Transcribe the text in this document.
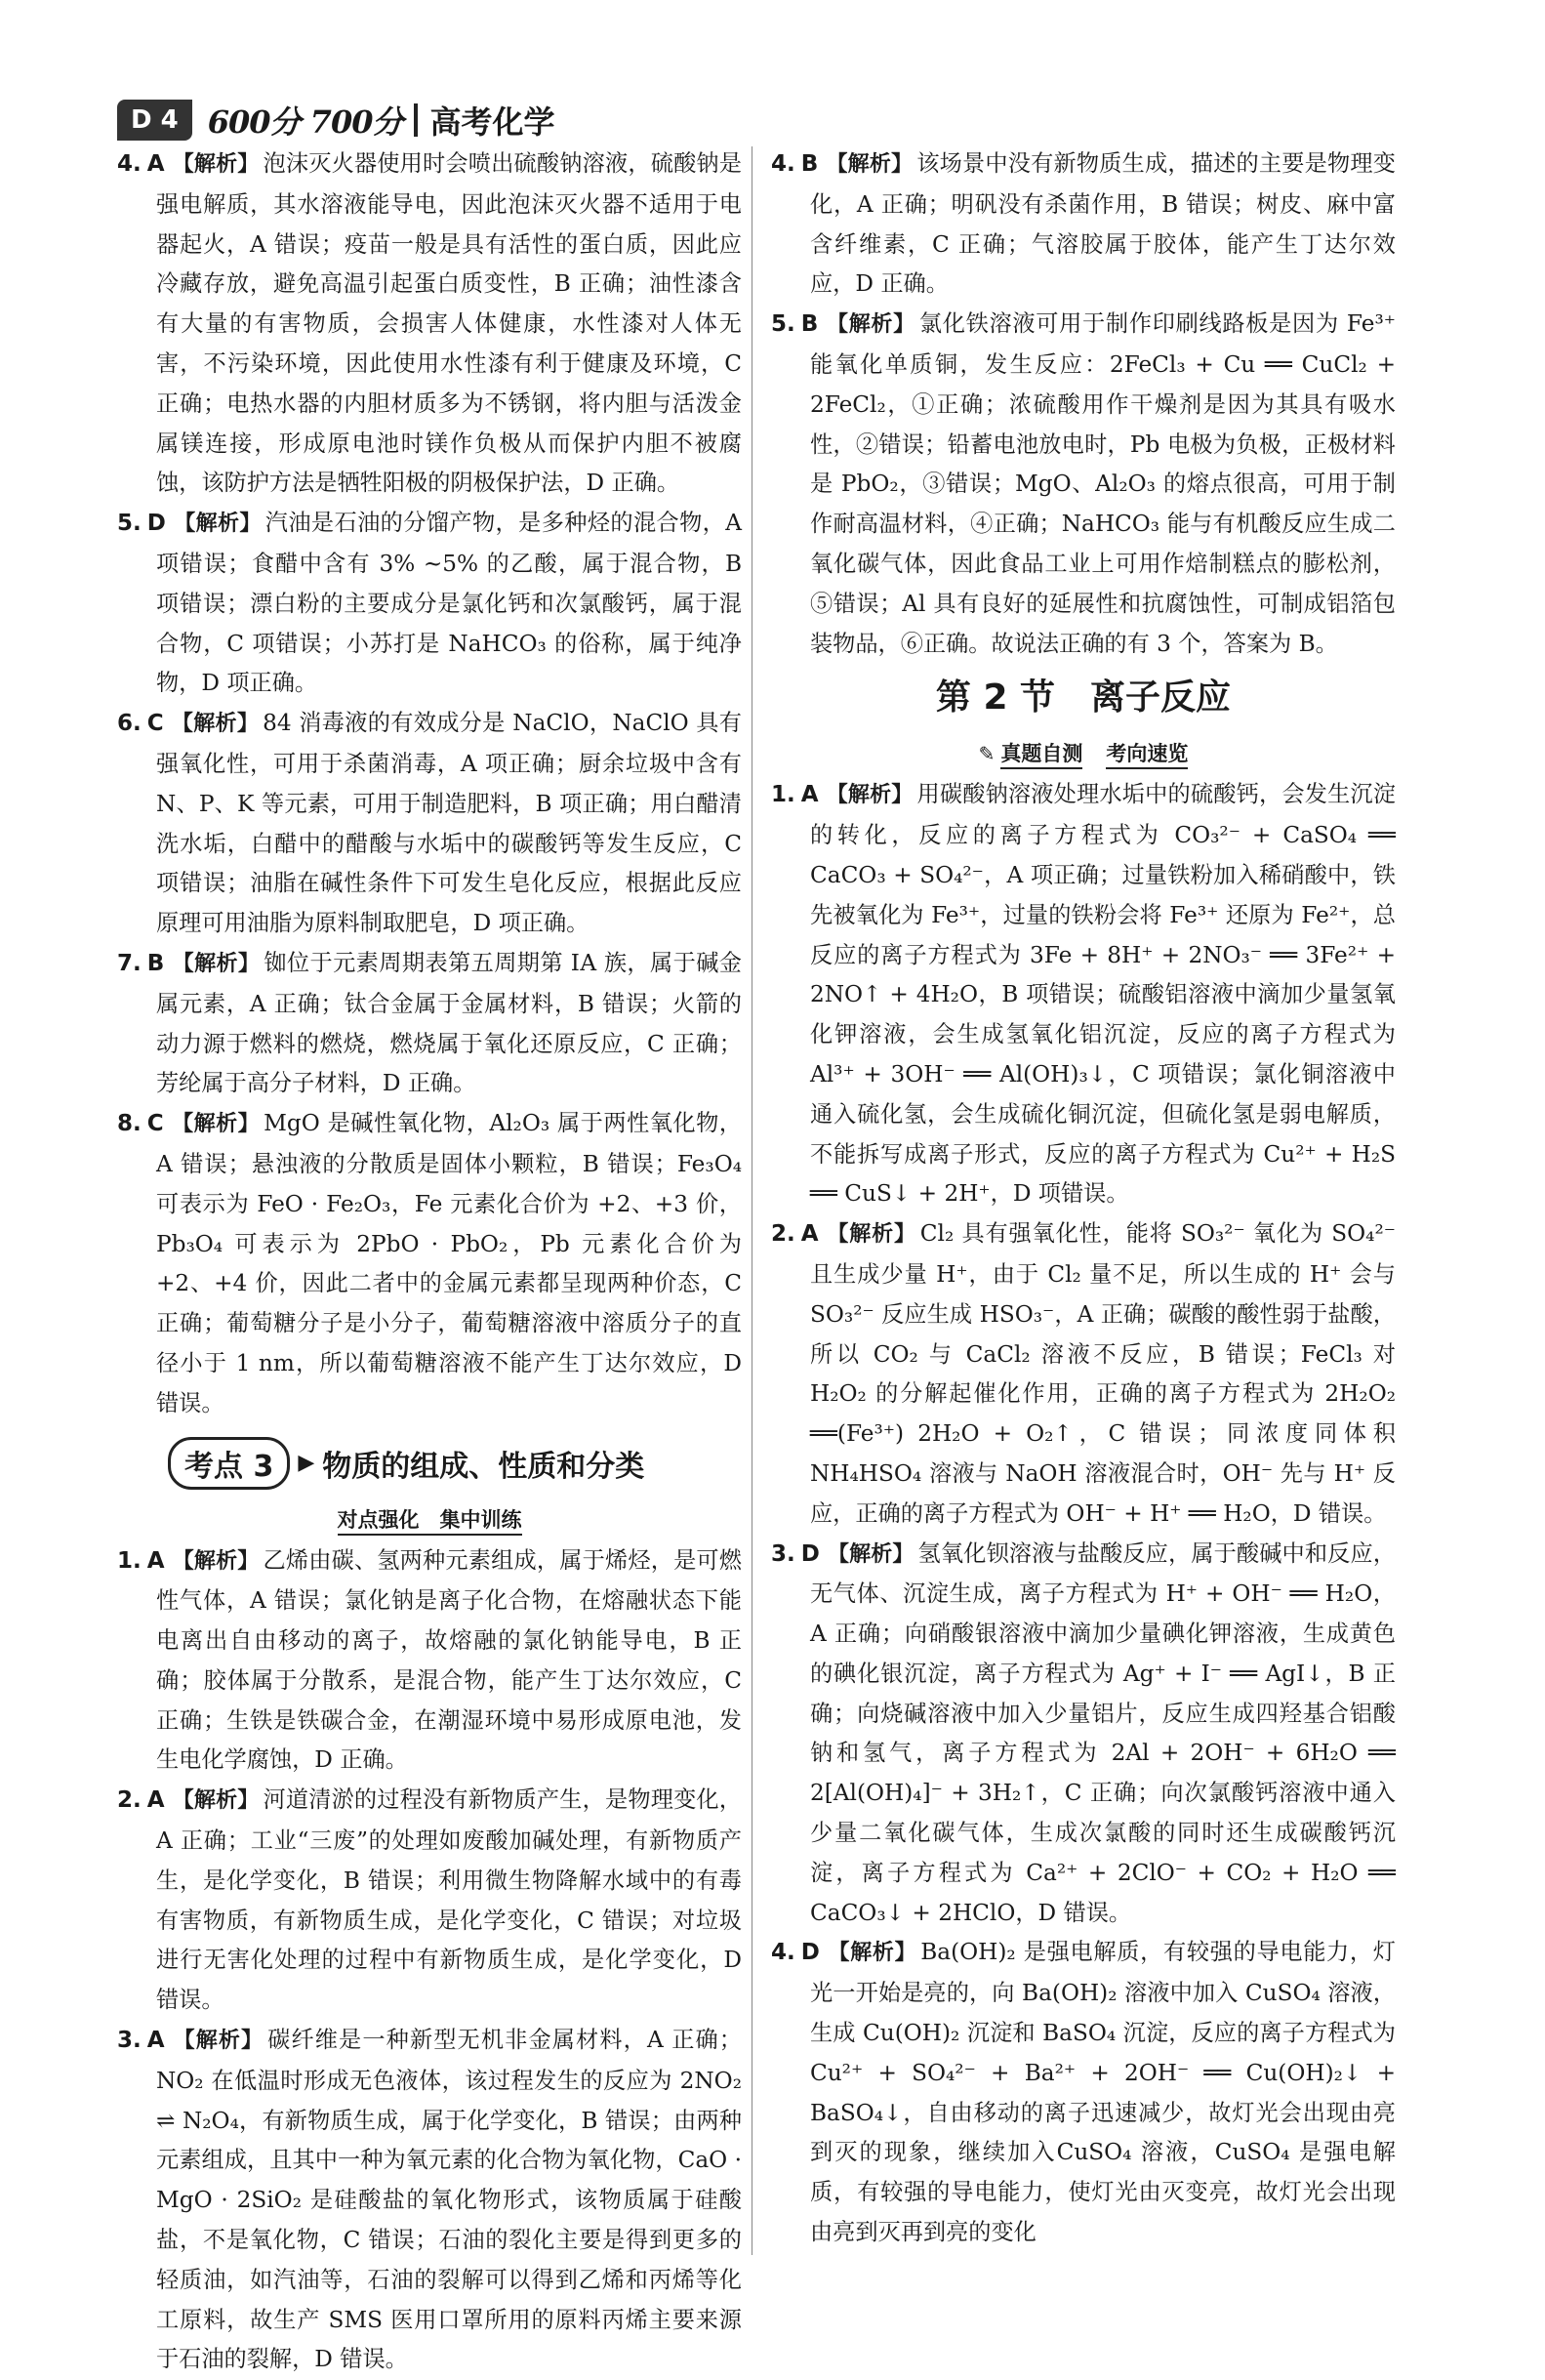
D 4 600分 700分 高考化学

4. A 【解析】 泡沫灭火器使用时会喷出硫酸钠溶液，硫酸钠是强电解质，其水溶液能导电，因此泡沫灭火器不适用于电器起火，A 错误；疫苗一般是具有活性的蛋白质，因此应冷藏存放，避免高温引起蛋白质变性，B 正确；油性漆含有大量的有害物质，会损害人体健康，水性漆对人体无害，不污染环境，因此使用水性漆有利于健康及环境，C 正确；电热水器的内胆材质多为不锈钢，将内胆与活泼金属镁连接，形成原电池时镁作负极从而保护内胆不被腐蚀，该防护方法是牺牲阳极的阴极保护法，D 正确。

5. D 【解析】 汽油是石油的分馏产物，是多种烃的混合物，A 项错误；食醋中含有 3% ~5% 的乙酸，属于混合物，B 项错误；漂白粉的主要成分是氯化钙和次氯酸钙，属于混合物，C 项错误；小苏打是 NaHCO₃ 的俗称，属于纯净物，D 项正确。

6. C 【解析】 84 消毒液的有效成分是 NaClO，NaClO 具有强氧化性，可用于杀菌消毒，A 项正确；厨余垃圾中含有 N、P、K 等元素，可用于制造肥料，B 项正确；用白醋清洗水垢，白醋中的醋酸与水垢中的碳酸钙等发生反应，C 项错误；油脂在碱性条件下可发生皂化反应，根据此反应原理可用油脂为原料制取肥皂，D 项正确。

7. B 【解析】 铷位于元素周期表第五周期第 ⅠA 族，属于碱金属元素，A 正确；钛合金属于金属材料，B 错误；火箭的动力源于燃料的燃烧，燃烧属于氧化还原反应，C 正确；芳纶属于高分子材料，D 正确。

8. C 【解析】 MgO 是碱性氧化物，Al₂O₃ 属于两性氧化物，A 错误；悬浊液的分散质是固体小颗粒，B 错误；Fe₃O₄ 可表示为 FeO · Fe₂O₃，Fe 元素化合价为 +2、+3 价，Pb₃O₄ 可表示为 2PbO · PbO₂，Pb 元素化合价为 +2、+4 价，因此二者中的金属元素都呈现两种价态，C 正确；葡萄糖分子是小分子，葡萄糖溶液中溶质分子的直径小于 1 nm，所以葡萄糖溶液不能产生丁达尔效应，D 错误。

考点 3	▶ 物质的组成、性质和分类
对点强化　集中训练

1. A 【解析】 乙烯由碳、氢两种元素组成，属于烯烃，是可燃性气体，A 错误；氯化钠是离子化合物，在熔融状态下能电离出自由移动的离子，故熔融的氯化钠能导电，B 正确；胶体属于分散系，是混合物，能产生丁达尔效应，C 正确；生铁是铁碳合金，在潮湿环境中易形成原电池，发生电化学腐蚀，D 正确。

2. A 【解析】 河道清淤的过程没有新物质产生，是物理变化，A 正确；工业“三废”的处理如废酸加碱处理，有新物质产生，是化学变化，B 错误；利用微生物降解水域中的有毒有害物质，有新物质生成，是化学变化，C 错误；对垃圾进行无害化处理的过程中有新物质生成，是化学变化，D 错误。

3. A 【解析】 碳纤维是一种新型无机非金属材料，A 正确；NO₂ 在低温时形成无色液体，该过程发生的反应为 2NO₂ ⇌ N₂O₄，有新物质生成，属于化学变化，B 错误；由两种元素组成，且其中一种为氧元素的化合物为氧化物，CaO · MgO · 2SiO₂ 是硅酸盐的氧化物形式，该物质属于硅酸盐，不是氧化物，C 错误；石油的裂化主要是得到更多的轻质油，如汽油等，石油的裂解可以得到乙烯和丙烯等化工原料，故生产 SMS 医用口罩所用的原料丙烯主要来源于石油的裂解，D 错误。

4. B 【解析】 该场景中没有新物质生成，描述的主要是物理变化，A 正确；明矾没有杀菌作用，B 错误；树皮、麻中富含纤维素，C 正确；气溶胶属于胶体，能产生丁达尔效应，D 正确。

5. B 【解析】 氯化铁溶液可用于制作印刷线路板是因为 Fe³⁺ 能氧化单质铜，发生反应：2FeCl₃ + Cu ══ CuCl₂ + 2FeCl₂，①正确；浓硫酸用作干燥剂是因为其具有吸水性，②错误；铅蓄电池放电时，Pb 电极为负极，正极材料是 PbO₂，③错误；MgO、Al₂O₃ 的熔点很高，可用于制作耐高温材料，④正确；NaHCO₃ 能与有机酸反应生成二氧化碳气体，因此食品工业上可用作焙制糕点的膨松剂，⑤错误；Al 具有良好的延展性和抗腐蚀性，可制成铝箔包装物品，⑥正确。故说法正确的有 3 个，答案为 B。

第 2 节 离子反应
✎ 真题自测 考向速览

1. A 【解析】 用碳酸钠溶液处理水垢中的硫酸钙，会发生沉淀的转化，反应的离子方程式为 CO₃²⁻ + CaSO₄ ══ CaCO₃ + SO₄²⁻，A 项正确；过量铁粉加入稀硝酸中，铁先被氧化为 Fe³⁺，过量的铁粉会将 Fe³⁺ 还原为 Fe²⁺，总反应的离子方程式为 3Fe + 8H⁺ + 2NO₃⁻ ══ 3Fe²⁺ + 2NO↑ + 4H₂O，B 项错误；硫酸铝溶液中滴加少量氢氧化钾溶液，会生成氢氧化铝沉淀，反应的离子方程式为 Al³⁺ + 3OH⁻ ══ Al(OH)₃↓，C 项错误；氯化铜溶液中通入硫化氢，会生成硫化铜沉淀，但硫化氢是弱电解质，不能拆写成离子形式，反应的离子方程式为 Cu²⁺ + H₂S ══ CuS↓ + 2H⁺，D 项错误。

2. A 【解析】 Cl₂ 具有强氧化性，能将 SO₃²⁻ 氧化为 SO₄²⁻ 且生成少量 H⁺，由于 Cl₂ 量不足，所以生成的 H⁺ 会与 SO₃²⁻ 反应生成 HSO₃⁻，A 正确；碳酸的酸性弱于盐酸，所以 CO₂ 与 CaCl₂ 溶液不反应，B 错误；FeCl₃ 对 H₂O₂ 的分解起催化作用，正确的离子方程式为 2H₂O₂ ══(Fe³⁺) 2H₂O + O₂↑，C 错误；同浓度同体积 NH₄HSO₄ 溶液与 NaOH 溶液混合时，OH⁻ 先与 H⁺ 反应，正确的离子方程式为 OH⁻ + H⁺ ══ H₂O，D 错误。

3. D 【解析】 氢氧化钡溶液与盐酸反应，属于酸碱中和反应，无气体、沉淀生成，离子方程式为 H⁺ + OH⁻ ══ H₂O，A 正确；向硝酸银溶液中滴加少量碘化钾溶液，生成黄色的碘化银沉淀，离子方程式为 Ag⁺ + I⁻ ══ AgI↓，B 正确；向烧碱溶液中加入少量铝片，反应生成四羟基合铝酸钠和氢气，离子方程式为 2Al + 2OH⁻ + 6H₂O ══ 2[Al(OH)₄]⁻ + 3H₂↑，C 正确；向次氯酸钙溶液中通入少量二氧化碳气体，生成次氯酸的同时还生成碳酸钙沉淀，离子方程式为 Ca²⁺ + 2ClO⁻ + CO₂ + H₂O ══ CaCO₃↓ + 2HClO，D 错误。

4. D 【解析】 Ba(OH)₂ 是强电解质，有较强的导电能力，灯光一开始是亮的，向 Ba(OH)₂ 溶液中加入 CuSO₄ 溶液，生成 Cu(OH)₂ 沉淀和 BaSO₄ 沉淀，反应的离子方程式为 Cu²⁺ + SO₄²⁻ + Ba²⁺ + 2OH⁻ ══ Cu(OH)₂↓ + BaSO₄↓，自由移动的离子迅速减少，故灯光会出现由亮到灭的现象，继续加入CuSO₄ 溶液，CuSO₄ 是强电解质，有较强的导电能力，使灯光由灭变亮，故灯光会出现由亮到灭再到亮的变化
